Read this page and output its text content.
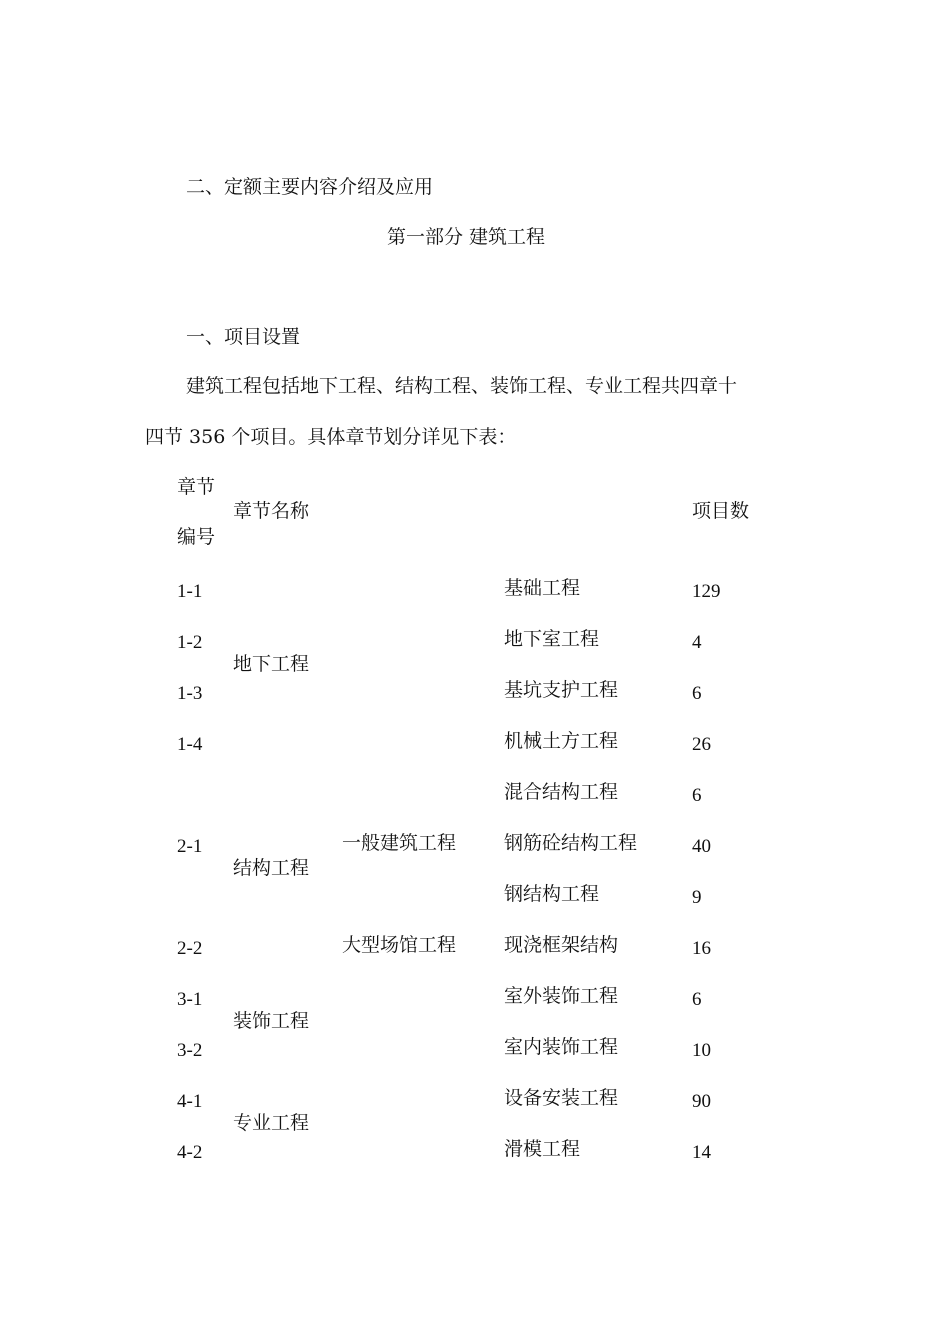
二、定额主要内容介绍及应用
第一部分 建筑工程
一、项目设置
建筑工程包括地下工程、结构工程、装饰工程、专业工程共四章十
四节 356 个项目。具体章节划分详见下表：
章节
编号
章节名称	项目数
1-1
1-2
1-3
1-4
2-1
2-2
3-1
3-2
4-1
4-2
地下工程
结构工程
装饰工程
专业工程
一般建筑工程
大型场馆工程
基础工程
地下室工程
基坑支护工程
机械土方工程
混合结构工程
钢筋砼结构工程
钢结构工程
现浇框架结构
室外装饰工程
室内装饰工程
设备安装工程
滑模工程
129
4
6
26
6
40
9
16
6
10
90
14
